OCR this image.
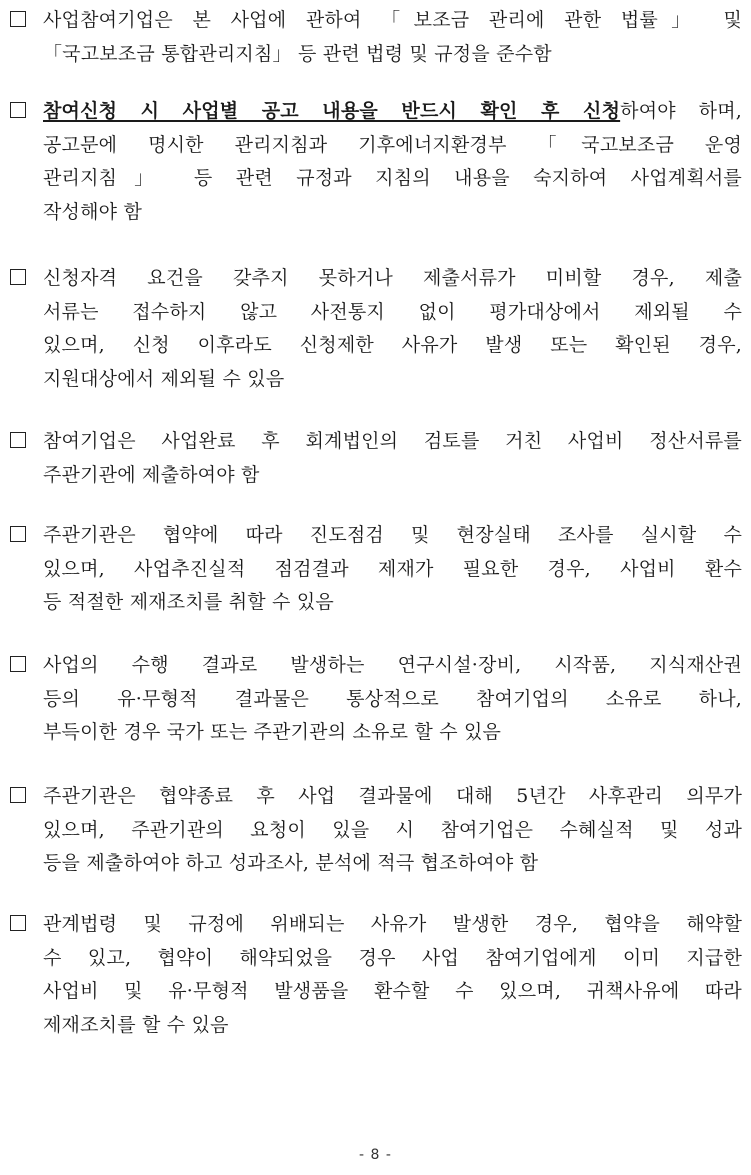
사업참여기업은 본 사업에 관하여 「보조금 관리에 관한 법률」 및
「국고보조금 통합관리지침」 등 관련 법령 및 규정을 준수함
참여신청 시 사업별 공고 내용을 반드시 확인 후 신청하여야 하며,
공고문에 명시한 관리지침과 기후에너지환경부 「국고보조금 운영
관리지침」 등 관련 규정과 지침의 내용을 숙지하여 사업계획서를
작성해야 함
신청자격 요건을 갖추지 못하거나 제출서류가 미비할 경우, 제출
서류는 접수하지 않고 사전통지 없이 평가대상에서 제외될 수
있으며, 신청 이후라도 신청제한 사유가 발생 또는 확인된 경우,
지원대상에서 제외될 수 있음
참여기업은 사업완료 후 회계법인의 검토를 거친 사업비 정산서류를
주관기관에 제출하여야 함
주관기관은 협약에 따라 진도점검 및 현장실태 조사를 실시할 수
있으며, 사업추진실적 점검결과 제재가 필요한 경우, 사업비 환수
등 적절한 제재조치를 취할 수 있음
사업의 수행 결과로 발생하는 연구시설·장비, 시작품, 지식재산권
등의 유·무형적 결과물은 통상적으로 참여기업의 소유로 하나,
부득이한 경우 국가 또는 주관기관의 소유로 할 수 있음
주관기관은 협약종료 후 사업 결과물에 대해 5년간 사후관리 의무가
있으며, 주관기관의 요청이 있을 시 참여기업은 수혜실적 및 성과
등을 제출하여야 하고 성과조사, 분석에 적극 협조하여야 함
관계법령 및 규정에 위배되는 사유가 발생한 경우, 협약을 해약할
수 있고, 협약이 해약되었을 경우 사업 참여기업에게 이미 지급한
사업비 및 유·무형적 발생품을 환수할 수 있으며, 귀책사유에 따라
제재조치를 할 수 있음
- 8 -
